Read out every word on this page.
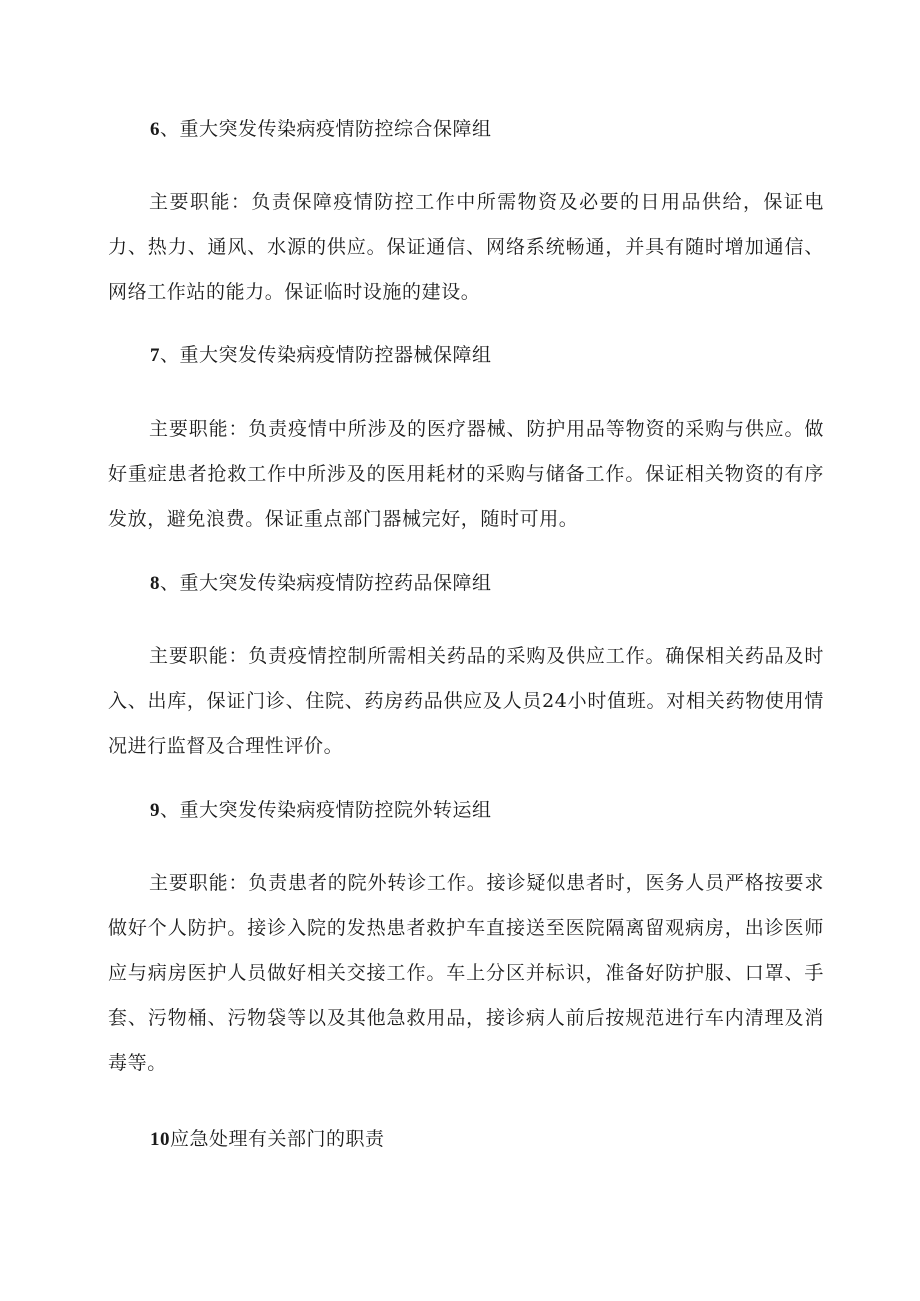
6、重大突发传染病疫情防控综合保障组

主要职能：负责保障疫情防控工作中所需物资及必要的日用品供给，保证电力、热力、通风、水源的供应。保证通信、网络系统畅通，并具有随时增加通信、网络工作站的能力。保证临时设施的建设。

7、重大突发传染病疫情防控器械保障组

主要职能：负责疫情中所涉及的医疗器械、防护用品等物资的采购与供应。做好重症患者抢救工作中所涉及的医用耗材的采购与储备工作。保证相关物资的有序发放，避免浪费。保证重点部门器械完好，随时可用。

8、重大突发传染病疫情防控药品保障组

主要职能：负责疫情控制所需相关药品的采购及供应工作。确保相关药品及时入、出库，保证门诊、住院、药房药品供应及人员24小时值班。对相关药物使用情况进行监督及合理性评价。

9、重大突发传染病疫情防控院外转运组

主要职能：负责患者的院外转诊工作。接诊疑似患者时，医务人员严格按要求做好个人防护。接诊入院的发热患者救护车直接送至医院隔离留观病房，出诊医师应与病房医护人员做好相关交接工作。车上分区并标识，准备好防护服、口罩、手套、污物桶、污物袋等以及其他急救用品，接诊病人前后按规范进行车内清理及消毒等。

10应急处理有关部门的职责
